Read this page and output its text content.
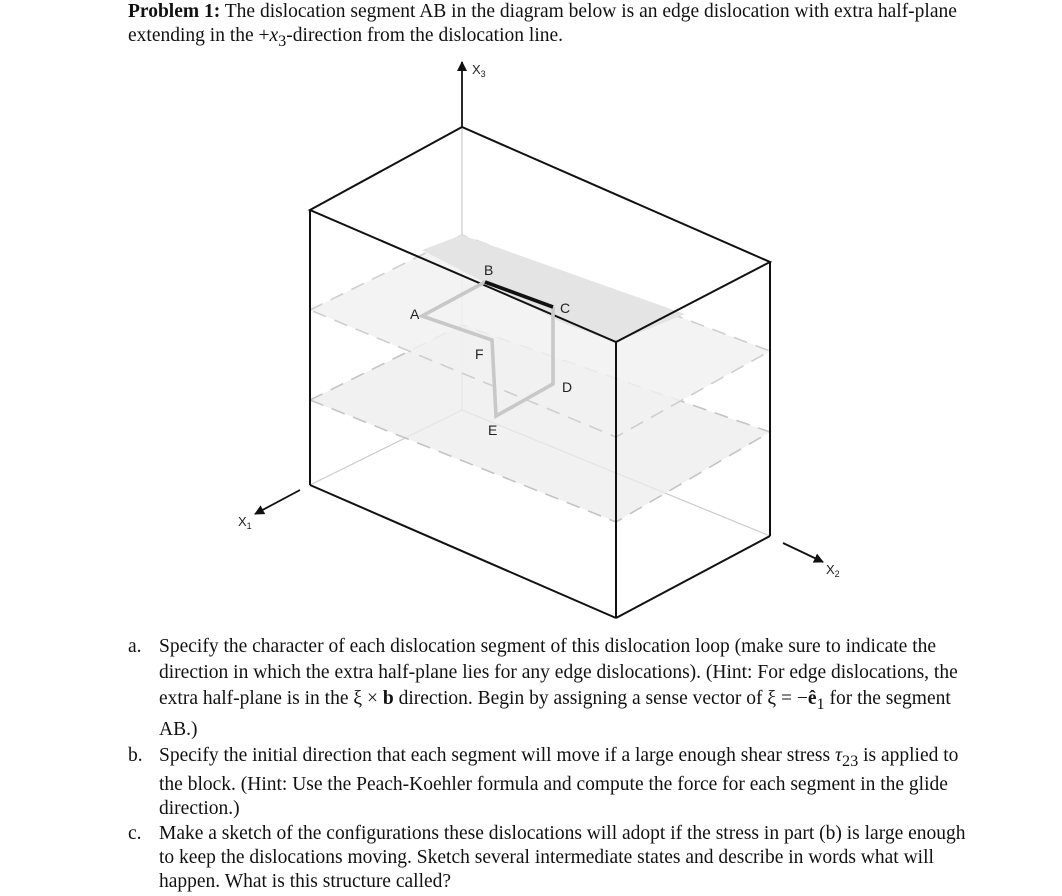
Problem 1: The dislocation segment AB in the diagram below is an edge dislocation with extra half-plane extending in the $+x_3$-direction from the dislocation line.
$X_3$
$X_1$
$X_2$
A
B
C
D
E
F
a. Specify the character of each dislocation segment of this dislocation loop (make sure to indicate the direction in which the extra half-plane lies for any edge dislocations). (Hint: For edge dislocations, the extra half-plane is in the ξ × b direction. Begin by assigning a sense vector of $\xi = -ê_1$ for the segment AB.)
b. Specify the initial direction that each segment will move if a large enough shear stress $\tau_{23}$ is applied to the block. (Hint: Use the Peach-Koehler formula and compute the force for each segment in the glide direction.)
c. Make a sketch of the configurations these dislocations will adopt if the stress in part (b) is large enough to keep the dislocations moving. Sketch several intermediate states and describe in words what will happen. What is this structure called?
